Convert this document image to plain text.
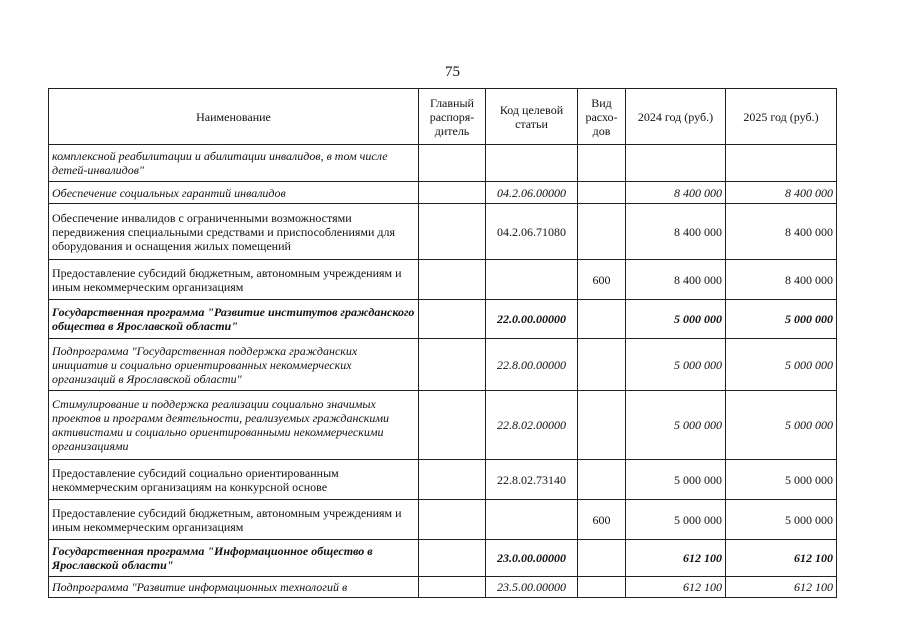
75
Наименование	Главный распоря-дитель	Код целевой статьи	Вид расхо-дов	2024 год (руб.)	2025 год (руб.)
комплексной реабилитации и абилитации инвалидов, в том числе детей-инвалидов"					
Обеспечение социальных гарантий инвалидов		04.2.06.00000		8 400 000	8 400 000
Обеспечение инвалидов с ограниченными возможностями передвижения специальными средствами и приспособлениями для оборудования и оснащения жилых помещений		04.2.06.71080		8 400 000	8 400 000
Предоставление субсидий бюджетным, автономным учреждениям и иным некоммерческим организациям			600	8 400 000	8 400 000
Государственная программа "Развитие институтов гражданского общества в Ярославской области"		22.0.00.00000		5 000 000	5 000 000
Подпрограмма "Государственная поддержка гражданских инициатив и социально ориентированных некоммерческих организаций в Ярославской области"		22.8.00.00000		5 000 000	5 000 000
Стимулирование и поддержка реализации социально значимых проектов и программ деятельности, реализуемых гражданскими активистами и социально ориентированными некоммерческими организациями		22.8.02.00000		5 000 000	5 000 000
Предоставление субсидий социально ориентированным некоммерческим организациям на конкурсной основе		22.8.02.73140		5 000 000	5 000 000
Предоставление субсидий бюджетным, автономным учреждениям и иным некоммерческим организациям			600	5 000 000	5 000 000
Государственная программа "Информационное общество в Ярославской области"		23.0.00.00000		612 100	612 100
Подпрограмма "Развитие информационных технологий в		23.5.00.00000		612 100	612 100
